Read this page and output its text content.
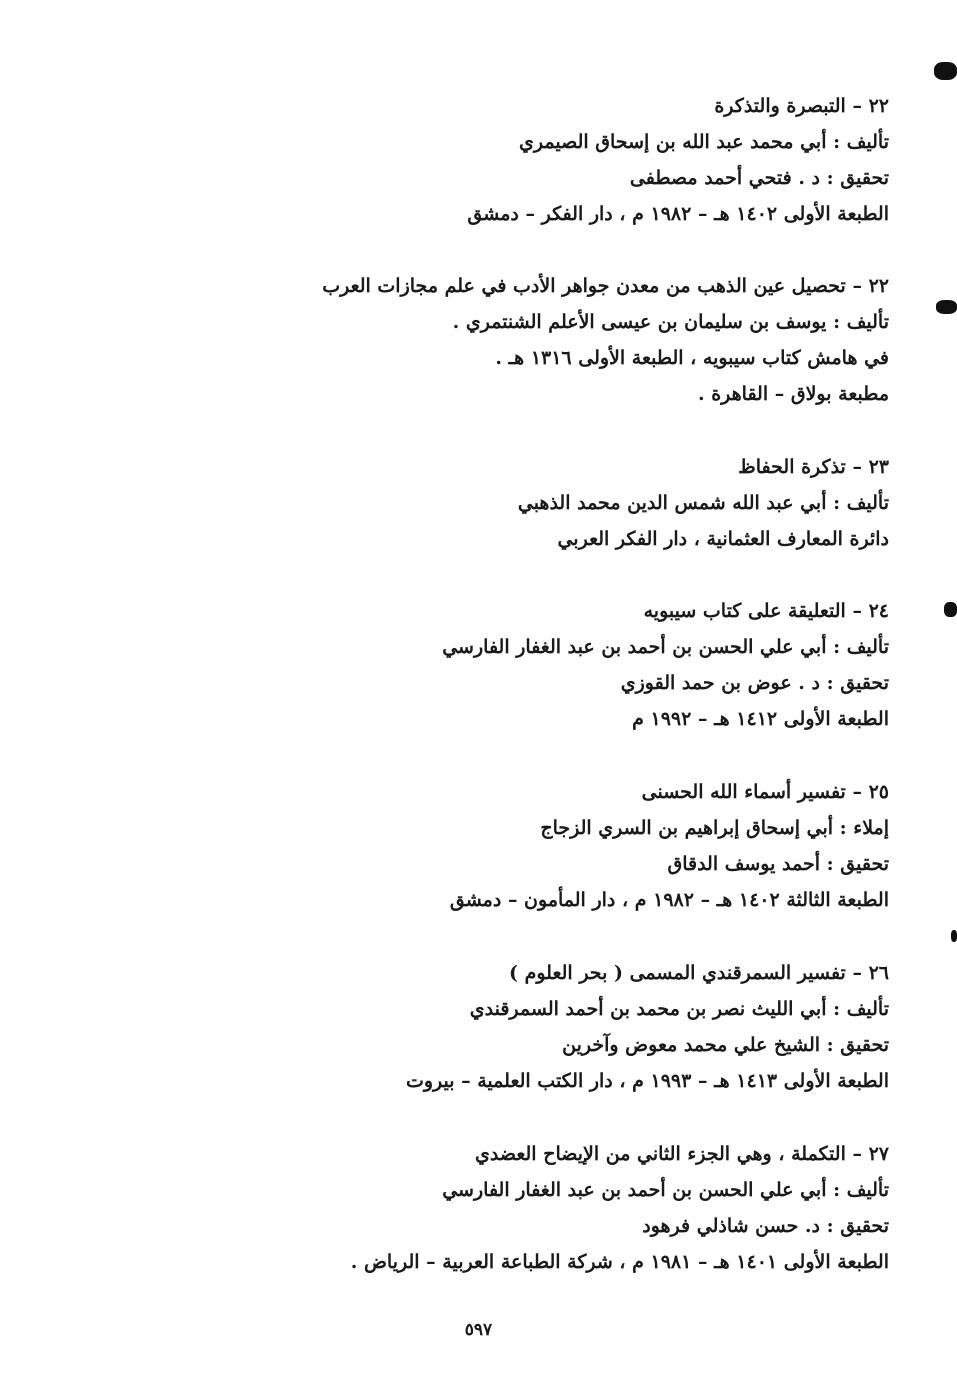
٢٢ – التبصرة والتذكرة
تأليف : أبي محمد عبد الله بن إسحاق الصيمري
تحقيق : د . فتحي أحمد مصطفى
الطبعة الأولى ١٤٠٢ هـ – ١٩٨٢ م ، دار الفكر – دمشق
٢٢ – تحصيل عين الذهب من معدن جواهر الأدب في علم مجازات العرب
تأليف : يوسف بن سليمان بن عيسى الأعلم الشنتمري .
في هامش كتاب سيبويه ، الطبعة الأولى ١٣١٦ هـ .
مطبعة بولاق – القاهرة .
٢٣ – تذكرة الحفاظ
تأليف : أبي عبد الله شمس الدين محمد الذهبي
دائرة المعارف العثمانية ، دار الفكر العربي
٢٤ – التعليقة على كتاب سيبويه
تأليف : أبي علي الحسن بن أحمد بن عبد الغفار الفارسي
تحقيق : د . عوض بن حمد القوزي
الطبعة الأولى ١٤١٢ هـ – ١٩٩٢ م
٢٥ – تفسير أسماء الله الحسنى
إملاء : أبي إسحاق إبراهيم بن السري الزجاج
تحقيق : أحمد يوسف الدقاق
الطبعة الثالثة ١٤٠٢ هـ – ١٩٨٢ م ، دار المأمون – دمشق
٢٦ – تفسير السمرقندي المسمى ( بحر العلوم )
تأليف : أبي الليث نصر بن محمد بن أحمد السمرقندي
تحقيق : الشيخ علي محمد معوض وآخرين
الطبعة الأولى ١٤١٣ هـ – ١٩٩٣ م ، دار الكتب العلمية – بيروت
٢٧ – التكملة ، وهي الجزء الثاني من الإيضاح العضدي
تأليف : أبي علي الحسن بن أحمد بن عبد الغفار الفارسي
تحقيق : د. حسن شاذلي فرهود
الطبعة الأولى ١٤٠١ هـ – ١٩٨١ م ، شركة الطباعة العربية – الرياض .
٥٩٧
